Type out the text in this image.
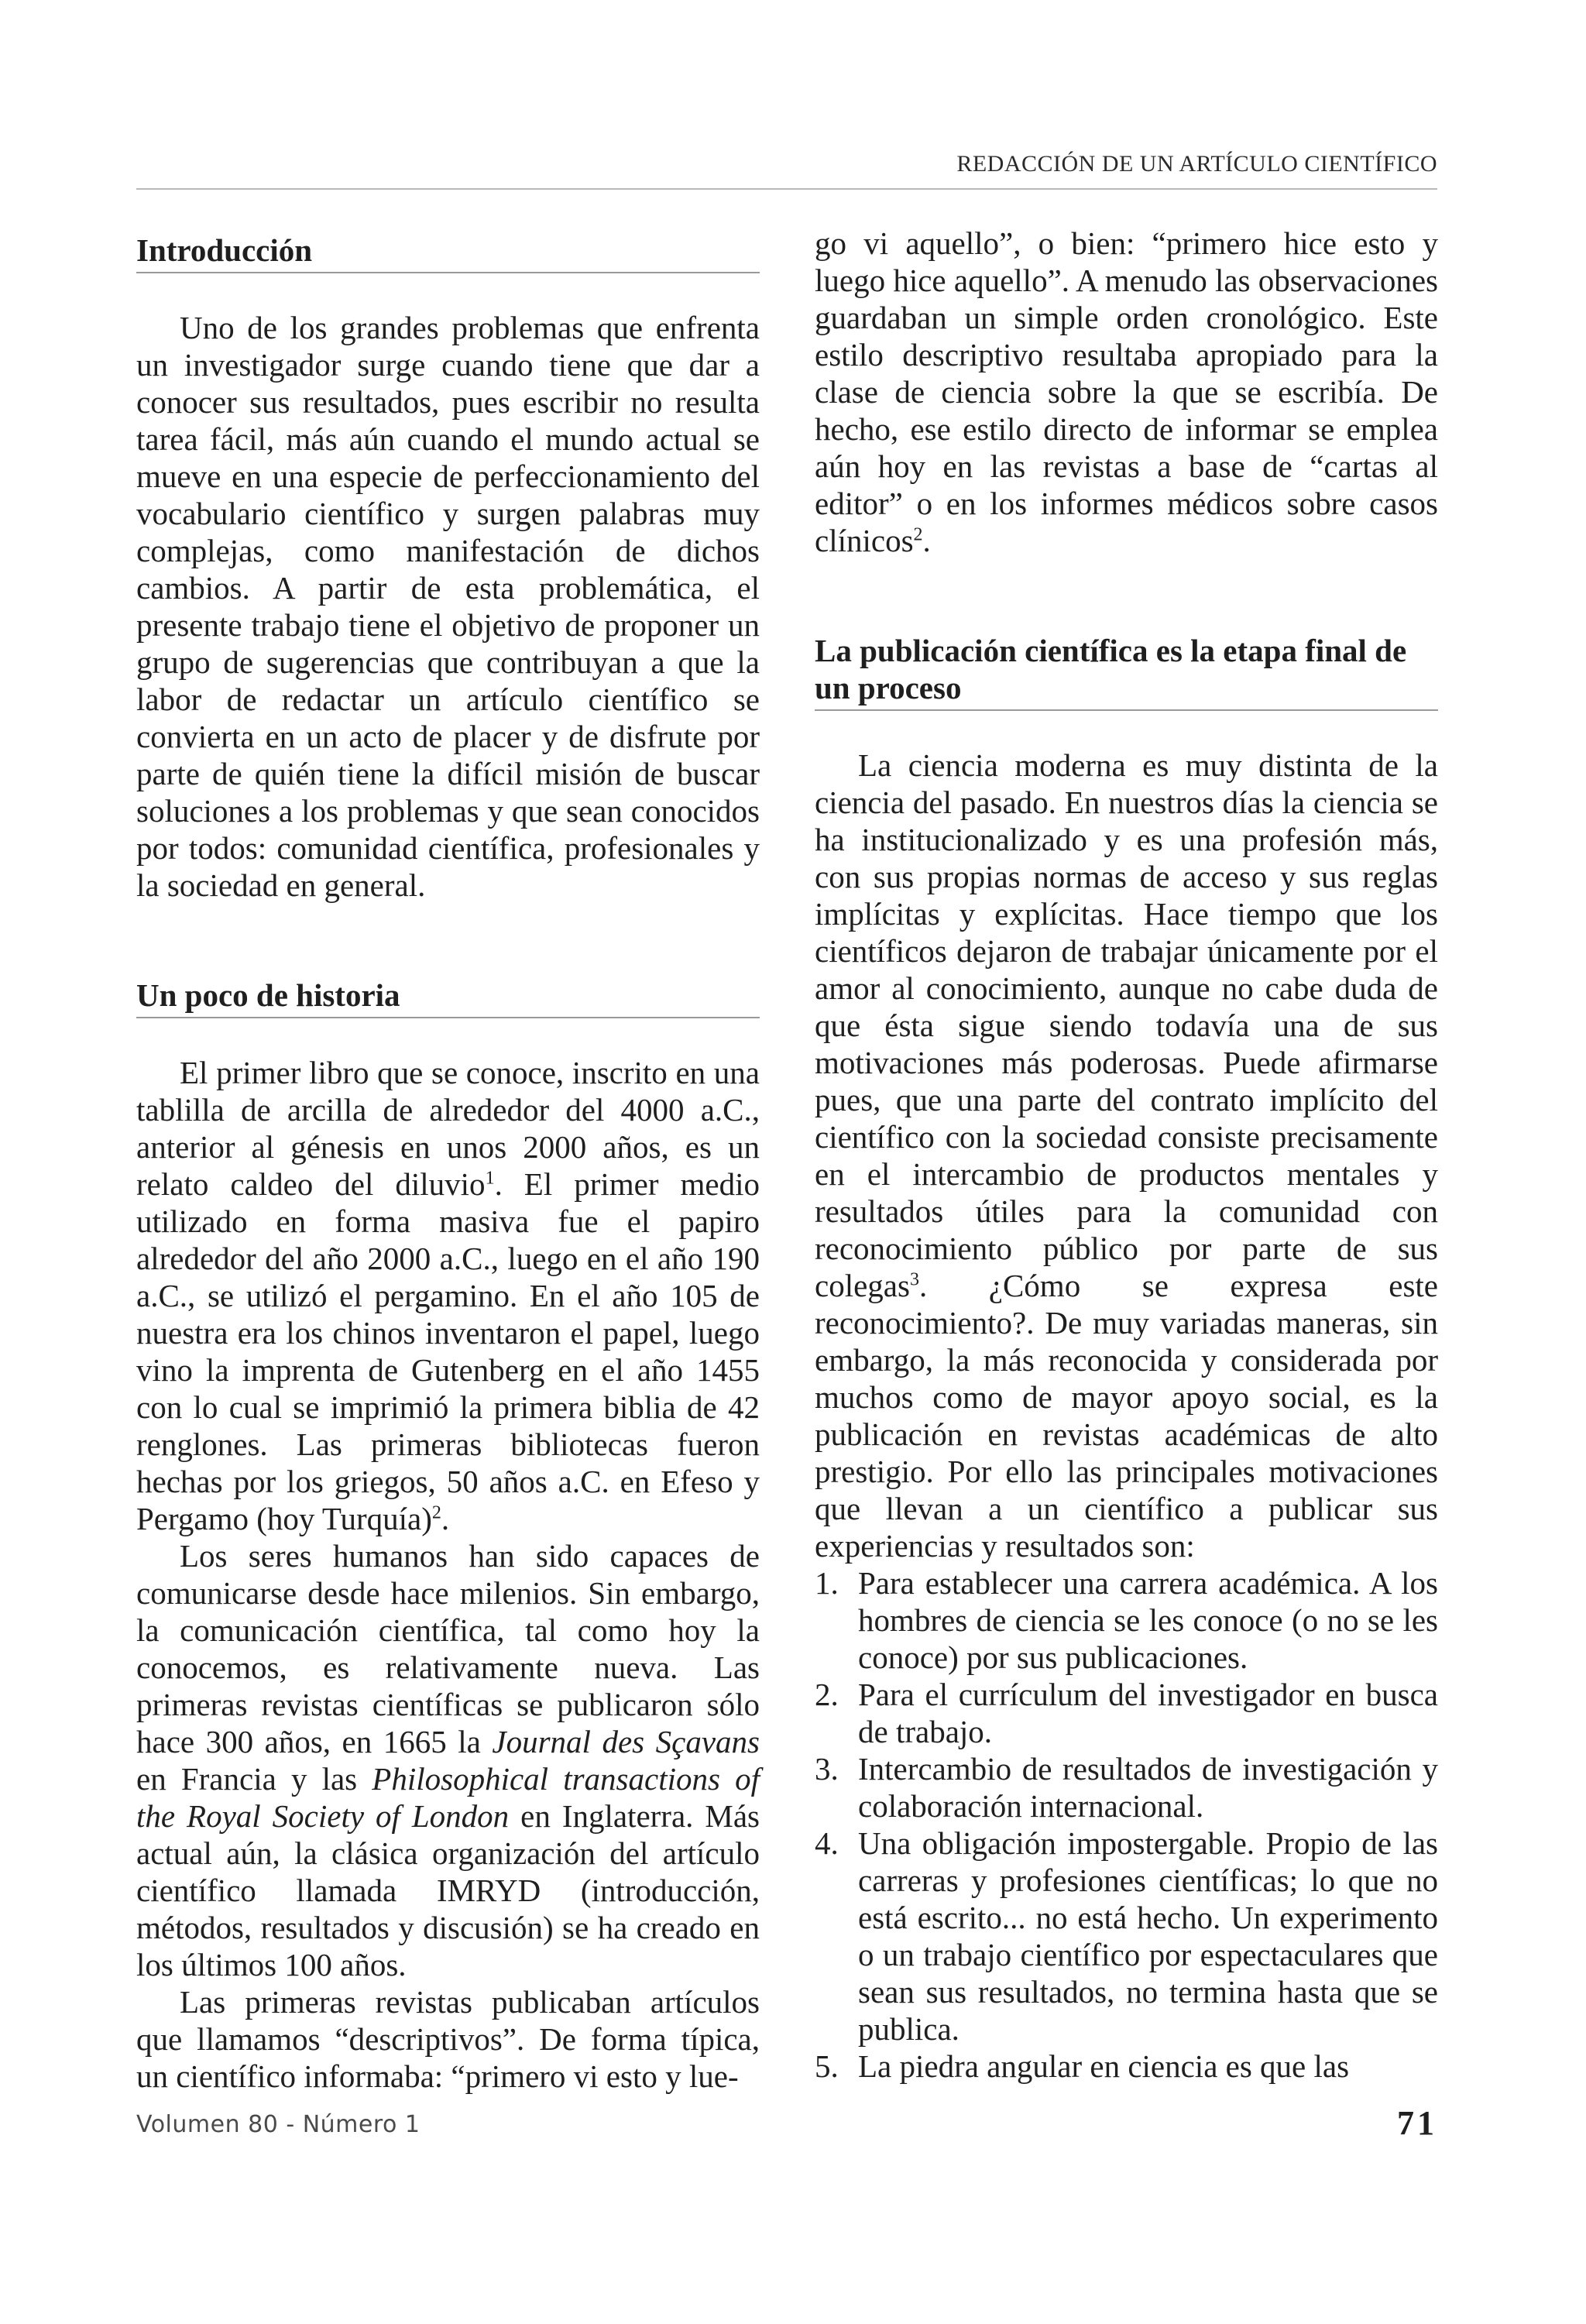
REDACCIÓN DE UN ARTÍCULO CIENTÍFICO
Introducción

Uno de los grandes problemas que enfrenta un investigador surge cuando tiene que dar a conocer sus resultados, pues escribir no resulta tarea fácil, más aún cuando el mundo actual se mueve en una especie de perfeccionamiento del vocabulario científico y surgen palabras muy complejas, como manifestación de dichos cambios. A partir de esta problemática, el presente trabajo tiene el objetivo de proponer un grupo de sugerencias que contribuyan a que la labor de redactar un artículo científico se convierta en un acto de placer y de disfrute por parte de quién tiene la difícil misión de buscar soluciones a los problemas y que sean conocidos por todos: comunidad científica, profesionales y la sociedad en general.

Un poco de historia

El primer libro que se conoce, inscrito en una tablilla de arcilla de alrededor del 4000 a.C., anterior al génesis en unos 2000 años, es un relato caldeo del diluvio$^1$. El primer medio utilizado en forma masiva fue el papiro alrededor del año 2000 a.C., luego en el año 190 a.C., se utilizó el pergamino. En el año 105 de nuestra era los chinos inventaron el papel, luego vino la imprenta de Gutenberg en el año 1455 con lo cual se imprimió la primera biblia de 42 renglones. Las primeras bibliotecas fueron hechas por los griegos, 50 años a.C. en Efeso y Pergamo (hoy Turquía)$^2$.

Los seres humanos han sido capaces de comunicarse desde hace milenios. Sin embargo, la comunicación científica, tal como hoy la conocemos, es relativamente nueva. Las primeras revistas científicas se publicaron sólo hace 300 años, en 1665 la Journal des Sçavans en Francia y las Philosophical transactions of the Royal Society of London en Inglaterra. Más actual aún, la clásica organización del artículo científico llamada IMRYD (introducción, métodos, resultados y discusión) se ha creado en los últimos 100 años.

Las primeras revistas publicaban artículos que llamamos “descriptivos”. De forma típica, un científico informaba: “primero vi esto y lue-

go vi aquello”, o bien: “primero hice esto y luego hice aquello”. A menudo las observaciones guardaban un simple orden cronológico. Este estilo descriptivo resultaba apropiado para la clase de ciencia sobre la que se escribía. De hecho, ese estilo directo de informar se emplea aún hoy en las revistas a base de “cartas al editor” o en los informes médicos sobre casos clínicos$^2$.

La publicación científica es la etapa final de un proceso

La ciencia moderna es muy distinta de la ciencia del pasado. En nuestros días la ciencia se ha institucionalizado y es una profesión más, con sus propias normas de acceso y sus reglas implícitas y explícitas. Hace tiempo que los científicos dejaron de trabajar únicamente por el amor al conocimiento, aunque no cabe duda de que ésta sigue siendo todavía una de sus motivaciones más poderosas. Puede afirmarse pues, que una parte del contrato implícito del científico con la sociedad consiste precisamente en el intercambio de productos mentales y resultados útiles para la comunidad con reconocimiento público por parte de sus colegas$^3$. ¿Cómo se expresa este reconocimiento?. De muy variadas maneras, sin embargo, la más reconocida y considerada por muchos como de mayor apoyo social, es la publicación en revistas académicas de alto prestigio. Por ello las principales motivaciones que llevan a un científico a publicar sus experiencias y resultados son:

1. Para establecer una carrera académica. A los hombres de ciencia se les conoce (o no se les conoce) por sus publicaciones.
2. Para el currículum del investigador en busca de trabajo.
3. Intercambio de resultados de investigación y colaboración internacional.
4. Una obligación impostergable. Propio de las carreras y profesiones científicas; lo que no está escrito... no está hecho. Un experimento o un trabajo científico por espectaculares que sean sus resultados, no termina hasta que se publica.
5. La piedra angular en ciencia es que las
Volumen 80 - Número 1	71
